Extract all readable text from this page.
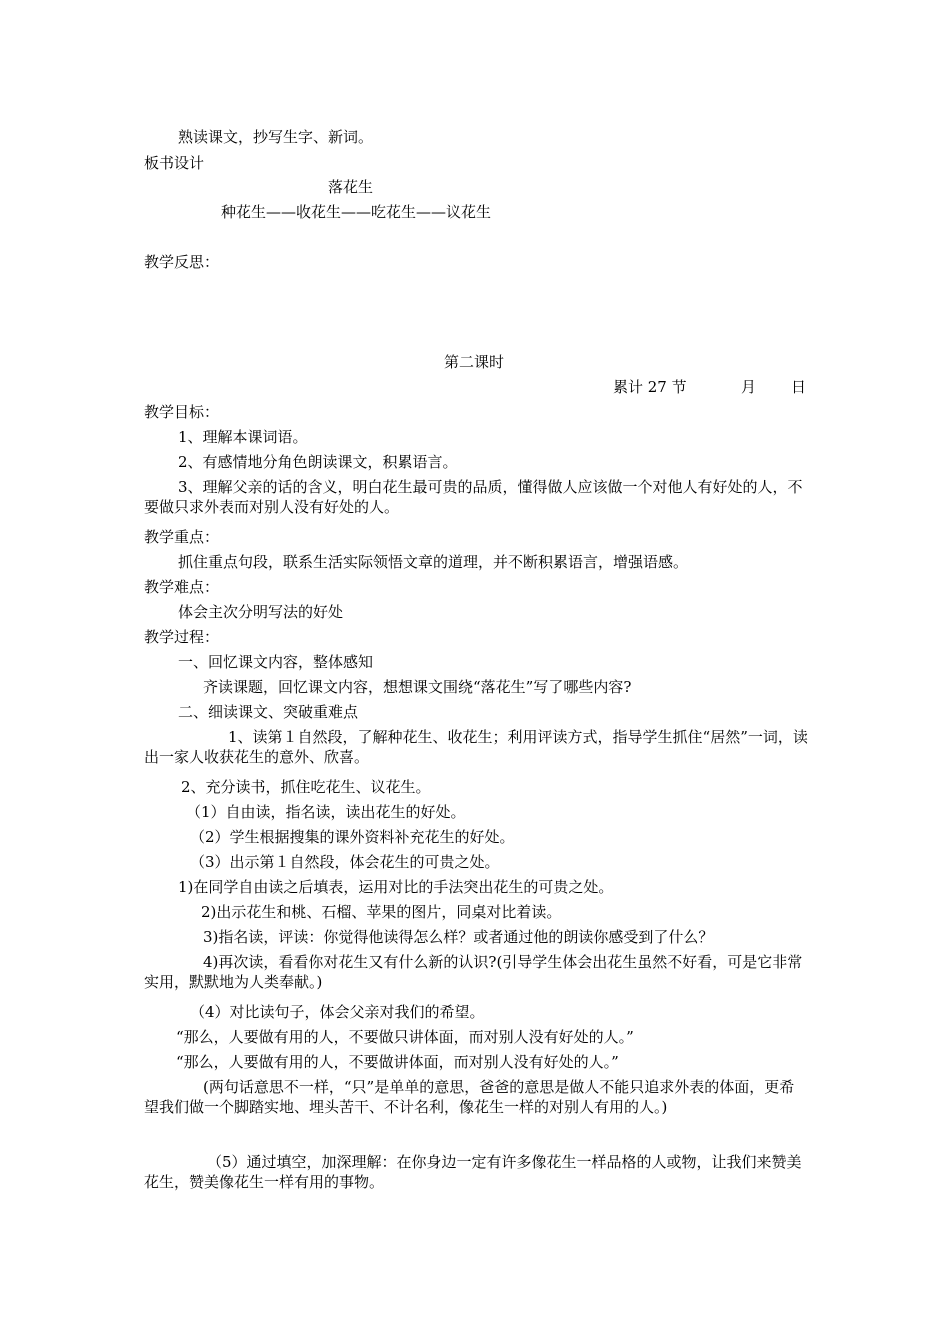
熟读课文，抄写生字、新词。
板书设计
落花生
种花生——收花生——吃花生——议花生
教学反思：
第二课时
累计 27 节	月 日
教学目标：
1、理解本课词语。
2、有感情地分角色朗读课文，积累语言。
3、理解父亲的话的含义，明白花生最可贵的品质，懂得做人应该做一个对他人有好处的人，不要做只求外表而对别人没有好处的人。
教学重点：
抓住重点句段，联系生活实际领悟文章的道理，并不断积累语言，增强语感。
教学难点：
体会主次分明写法的好处
教学过程：
一、回忆课文内容，整体感知
齐读课题，回忆课文内容，想想课文围绕“落花生”写了哪些内容?
二、细读课文、突破重难点
1、读第１自然段，了解种花生、收花生；利用评读方式，指导学生抓住“居然”一词，读出一家人收获花生的意外、欣喜。
2、充分读书，抓住吃花生、议花生。
（1）自由读，指名读，读出花生的好处。
（2）学生根据搜集的课外资料补充花生的好处。
（3）出示第１自然段，体会花生的可贵之处。
1)在同学自由读之后填表，运用对比的手法突出花生的可贵之处。
2)出示花生和桃、石榴、苹果的图片，同桌对比着读。
3)指名读，评读：你觉得他读得怎么样？或者通过他的朗读你感受到了什么？
4)再次读，看看你对花生又有什么新的认识?(引导学生体会出花生虽然不好看，可是它非常实用，默默地为人类奉献。)
（4）对比读句子，体会父亲对我们的希望。
“那么，人要做有用的人，不要做只讲体面，而对别人没有好处的人。”
“那么，人要做有用的人，不要做讲体面，而对别人没有好处的人。”
(两句话意思不一样，“只”是单单的意思，爸爸的意思是做人不能只追求外表的体面，更希望我们做一个脚踏实地、埋头苦干、不计名利，像花生一样的对别人有用的人。)
（5）通过填空，加深理解：在你身边一定有许多像花生一样品格的人或物，让我们来赞美花生，赞美像花生一样有用的事物。
